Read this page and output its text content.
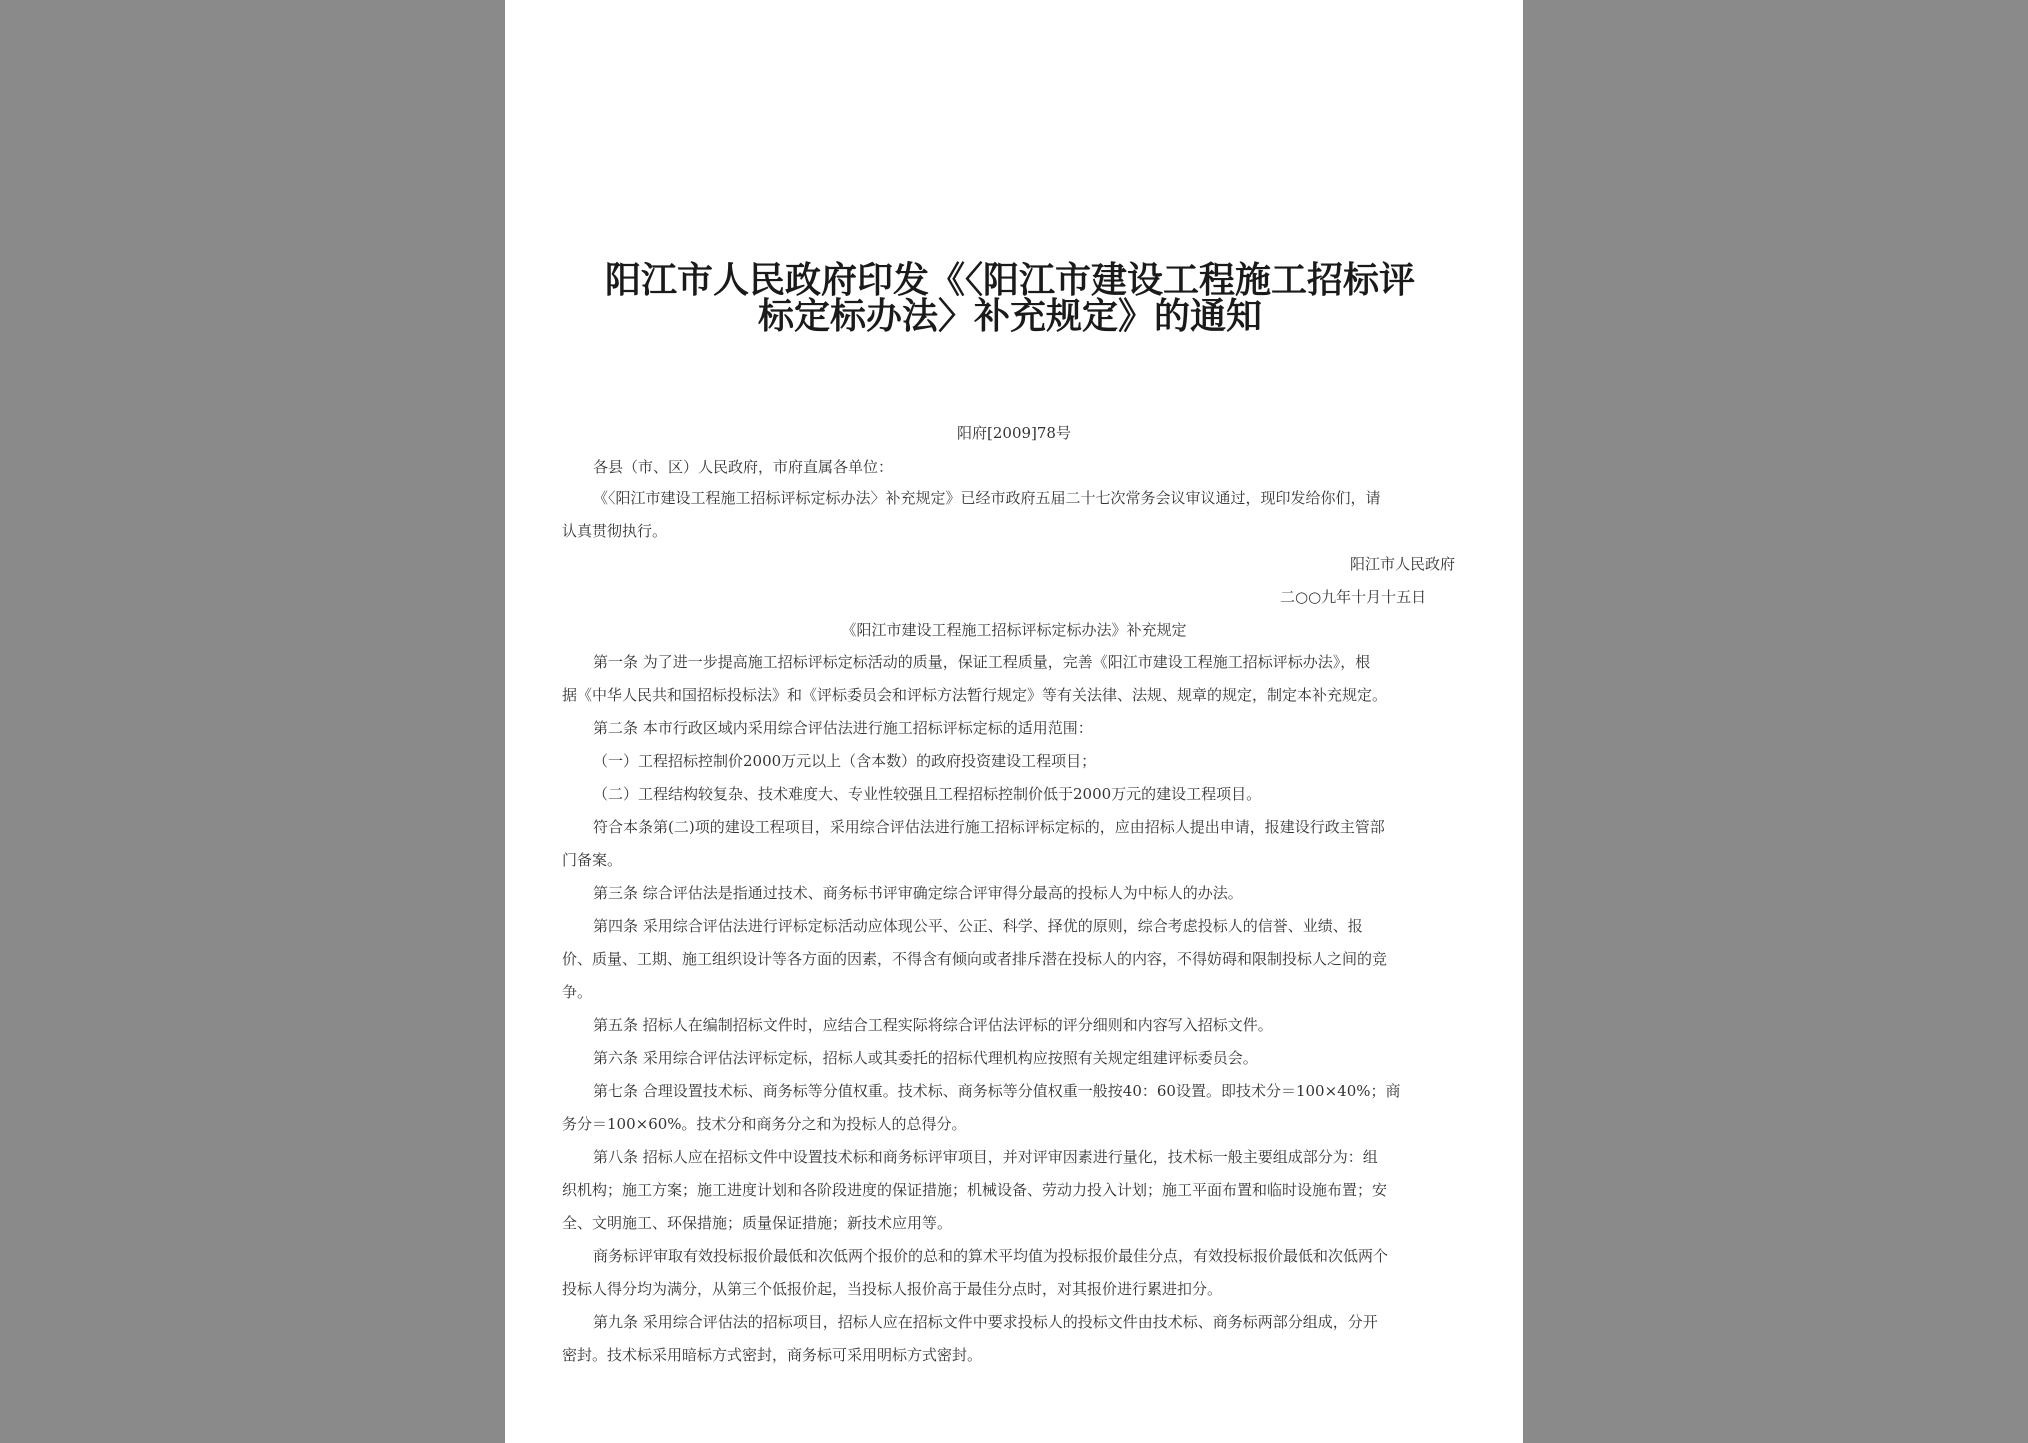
阳江市人民政府印发《〈阳江市建设工程施工招标评
标定标办法〉补充规定》的通知
阳府[2009]78号
各县（市、区）人民政府，市府直属各单位：
《〈阳江市建设工程施工招标评标定标办法〉补充规定》已经市政府五届二十七次常务会议审议通过，现印发给你们，请
认真贯彻执行。
阳江市人民政府
二○○九年十月十五日
《阳江市建设工程施工招标评标定标办法》补充规定
第一条 为了进一步提高施工招标评标定标活动的质量，保证工程质量，完善《阳江市建设工程施工招标评标办法》，根
据《中华人民共和国招标投标法》和《评标委员会和评标方法暂行规定》等有关法律、法规、规章的规定，制定本补充规定。
第二条 本市行政区域内采用综合评估法进行施工招标评标定标的适用范围：
（一）工程招标控制价2000万元以上（含本数）的政府投资建设工程项目；
（二）工程结构较复杂、技术难度大、专业性较强且工程招标控制价低于2000万元的建设工程项目。
符合本条第(二)项的建设工程项目，采用综合评估法进行施工招标评标定标的，应由招标人提出申请，报建设行政主管部
门备案。
第三条 综合评估法是指通过技术、商务标书评审确定综合评审得分最高的投标人为中标人的办法。
第四条 采用综合评估法进行评标定标活动应体现公平、公正、科学、择优的原则，综合考虑投标人的信誉、业绩、报
价、质量、工期、施工组织设计等各方面的因素，不得含有倾向或者排斥潜在投标人的内容，不得妨碍和限制投标人之间的竞
争。
第五条 招标人在编制招标文件时，应结合工程实际将综合评估法评标的评分细则和内容写入招标文件。
第六条 采用综合评估法评标定标，招标人或其委托的招标代理机构应按照有关规定组建评标委员会。
第七条 合理设置技术标、商务标等分值权重。技术标、商务标等分值权重一般按40：60设置。即技术分＝100×40%；商
务分＝100×60%。技术分和商务分之和为投标人的总得分。
第八条 招标人应在招标文件中设置技术标和商务标评审项目，并对评审因素进行量化，技术标一般主要组成部分为：组
织机构；施工方案；施工进度计划和各阶段进度的保证措施；机械设备、劳动力投入计划；施工平面布置和临时设施布置；安
全、文明施工、环保措施；质量保证措施；新技术应用等。
商务标评审取有效投标报价最低和次低两个报价的总和的算术平均值为投标报价最佳分点，有效投标报价最低和次低两个
投标人得分均为满分，从第三个低报价起，当投标人报价高于最佳分点时，对其报价进行累进扣分。
第九条 采用综合评估法的招标项目，招标人应在招标文件中要求投标人的投标文件由技术标、商务标两部分组成，分开
密封。技术标采用暗标方式密封，商务标可采用明标方式密封。
